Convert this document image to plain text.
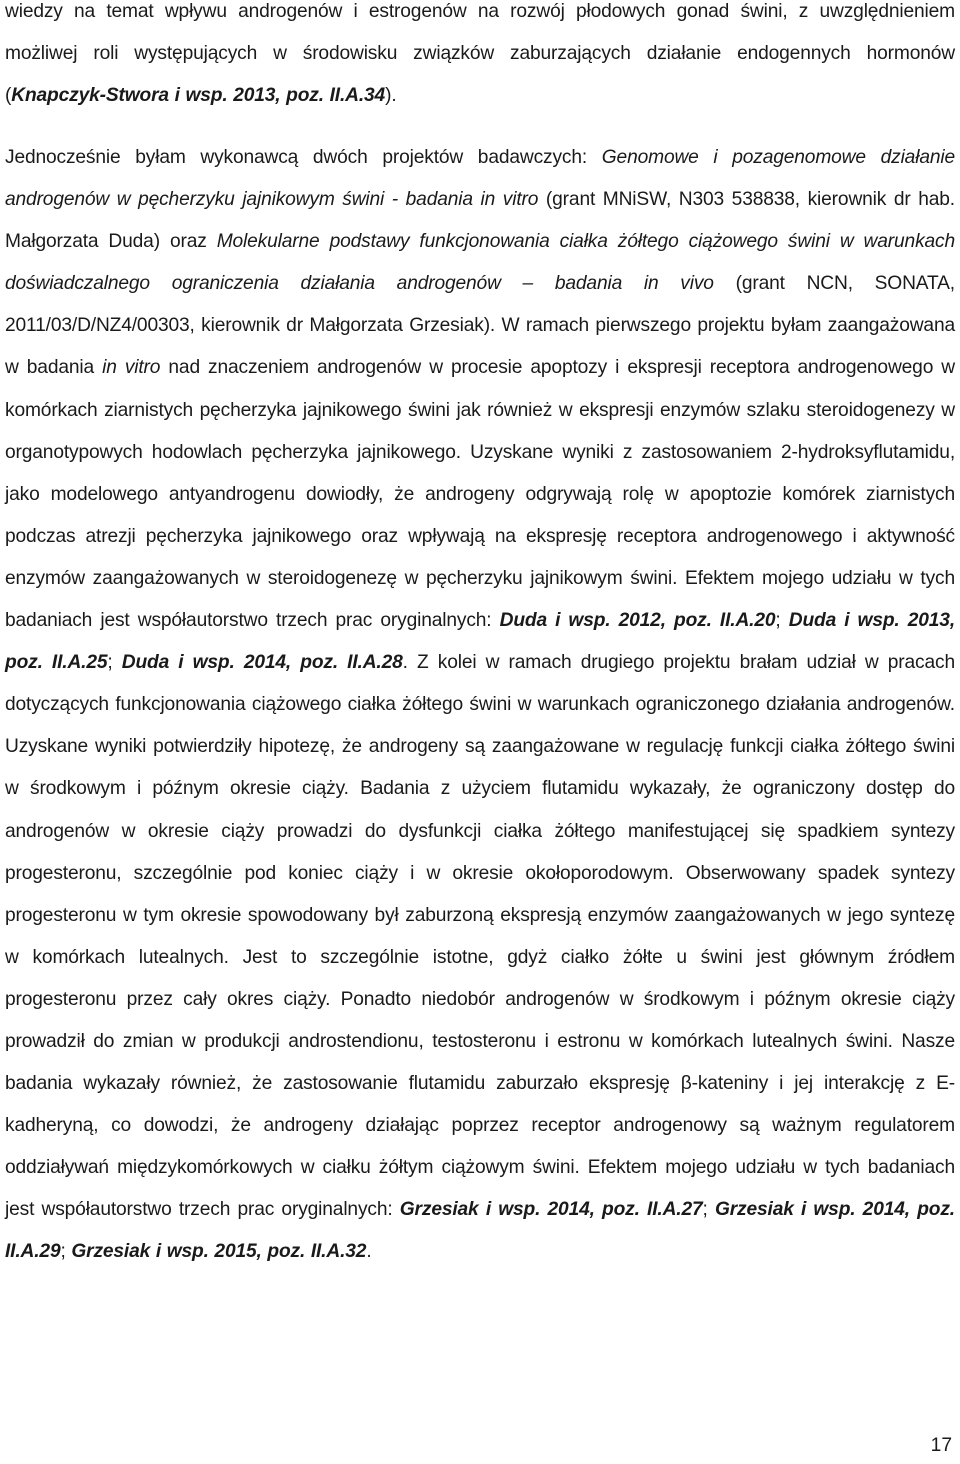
wiedzy na temat wpływu androgenów i estrogenów na rozwój płodowych gonad świni, z uwzględnieniem możliwej roli występujących w środowisku związków zaburzających działanie endogennych hormonów (Knapczyk-Stwora i wsp. 2013, poz. II.A.34).

Jednocześnie byłam wykonawcą dwóch projektów badawczych: Genomowe i pozagenomowe działanie androgenów w pęcherzyku jajnikowym świni - badania in vitro (grant MNiSW, N303 538838, kierownik dr hab. Małgorzata Duda) oraz Molekularne podstawy funkcjonowania ciałka żółtego ciążowego świni w warunkach doświadczalnego ograniczenia działania androgenów – badania in vivo (grant NCN, SONATA, 2011/03/D/NZ4/00303, kierownik dr Małgorzata Grzesiak). W ramach pierwszego projektu byłam zaangażowana w badania in vitro nad znaczeniem androgenów w procesie apoptozy i ekspresji receptora androgenowego w komórkach ziarnistych pęcherzyka jajnikowego świni jak również w ekspresji enzymów szlaku steroidogenezy w organotypowych hodowlach pęcherzyka jajnikowego. Uzyskane wyniki z zastosowaniem 2-hydroksyflutamidu, jako modelowego antyandrogenu dowiodły, że androgeny odgrywają rolę w apoptozie komórek ziarnistych podczas atrezji pęcherzyka jajnikowego oraz wpływają na ekspresję receptora androgenowego i aktywność enzymów zaangażowanych w steroidogenezę w pęcherzyku jajnikowym świni. Efektem mojego udziału w tych badaniach jest współautorstwo trzech prac oryginalnych: Duda i wsp. 2012, poz. II.A.20; Duda i wsp. 2013, poz. II.A.25; Duda i wsp. 2014, poz. II.A.28. Z kolei w ramach drugiego projektu brałam udział w pracach dotyczących funkcjonowania ciążowego ciałka żółtego świni w warunkach ograniczonego działania androgenów. Uzyskane wyniki potwierdziły hipotezę, że androgeny są zaangażowane w regulację funkcji ciałka żółtego świni w środkowym i późnym okresie ciąży. Badania z użyciem flutamidu wykazały, że ograniczony dostęp do androgenów w okresie ciąży prowadzi do dysfunkcji ciałka żółtego manifestującej się spadkiem syntezy progesteronu, szczególnie pod koniec ciąży i w okresie okołoporodowym. Obserwowany spadek syntezy progesteronu w tym okresie spowodowany był zaburzoną ekspresją enzymów zaangażowanych w jego syntezę w komórkach lutealnych. Jest to szczególnie istotne, gdyż ciałko żółte u świni jest głównym źródłem progesteronu przez cały okres ciąży. Ponadto niedobór androgenów w środkowym i późnym okresie ciąży prowadził do zmian w produkcji androstendionu, testosteronu i estronu w komórkach lutealnych świni. Nasze badania wykazały również, że zastosowanie flutamidu zaburzało ekspresję β-kateniny i jej interakcję z E-kadheryną, co dowodzi, że androgeny działając poprzez receptor androgenowy są ważnym regulatorem oddziaływań międzykomórkowych w ciałku żółtym ciążowym świni. Efektem mojego udziału w tych badaniach jest współautorstwo trzech prac oryginalnych: Grzesiak i wsp. 2014, poz. II.A.27; Grzesiak i wsp. 2014, poz. II.A.29; Grzesiak i wsp. 2015, poz. II.A.32.

17
